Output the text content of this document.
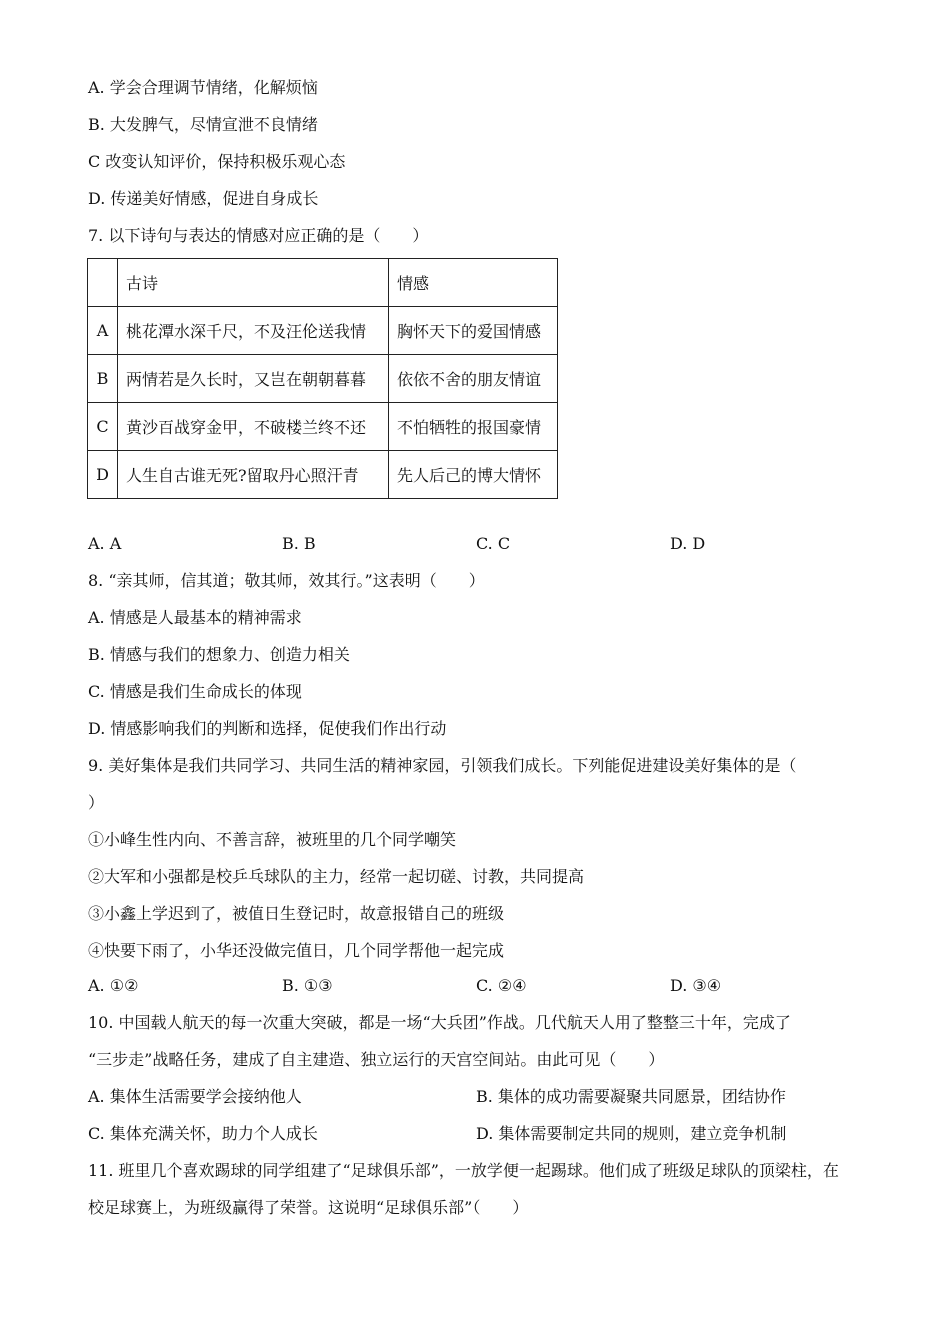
A. 学会合理调节情绪，化解烦恼
B. 大发脾气，尽情宣泄不良情绪
C 改变认知评价，保持积极乐观心态
D. 传递美好情感，促进自身成长
7. 以下诗句与表达的情感对应正确的是（　　）
	古诗	情感
A	桃花潭水深千尺，不及汪伦送我情	胸怀天下的爱国情感
B	两情若是久长时，又岂在朝朝暮暮	依依不舍的朋友情谊
C	黄沙百战穿金甲，不破楼兰终不还	不怕牺牲的报国豪情
D	人生自古谁无死?留取丹心照汗青	先人后己的博大情怀
A. A	B. B	C. C	D. D
8. “亲其师，信其道；敬其师，效其行。”这表明（　　）
A. 情感是人最基本的精神需求
B. 情感与我们的想象力、创造力相关
C. 情感是我们生命成长的体现
D. 情感影响我们的判断和选择，促使我们作出行动
9. 美好集体是我们共同学习、共同生活的精神家园，引领我们成长。下列能促进建设美好集体的是（
）
①小峰生性内向、不善言辞，被班里的几个同学嘲笑
②大军和小强都是校乒乓球队的主力，经常一起切磋、讨教，共同提高
③小鑫上学迟到了，被值日生登记时，故意报错自己的班级
④快要下雨了，小华还没做完值日，几个同学帮他一起完成
A. ①②	B. ①③	C. ②④	D. ③④
10. 中国载人航天的每一次重大突破，都是一场“大兵团”作战。几代航天人用了整整三十年，完成了
“三步走”战略任务，建成了自主建造、独立运行的天宫空间站。由此可见（　　）
A. 集体生活需要学会接纳他人	B. 集体的成功需要凝聚共同愿景，团结协作
C. 集体充满关怀，助力个人成长	D. 集体需要制定共同的规则，建立竞争机制
11. 班里几个喜欢踢球的同学组建了“足球俱乐部”，一放学便一起踢球。他们成了班级足球队的顶梁柱，在
校足球赛上，为班级赢得了荣誉。这说明“足球俱乐部”（　　）
